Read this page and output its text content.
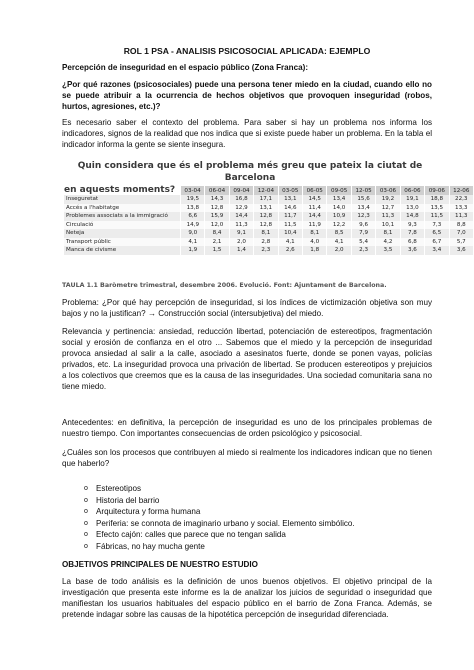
ROL 1 PSA - ANALISIS PSICOSOCIAL APLICADA: EJEMPLO

Percepción de inseguridad en el espacio público (Zona Franca):

¿Por qué razones (psicosociales) puede una persona tener miedo en la ciudad, cuando ello no se puede atribuir a la ocurrencia de hechos objetivos que provoquen inseguridad (robos, hurtos, agresiones, etc.)?

Es necesario saber el contexto del problema. Para saber si hay un problema nos informa los indicadores, signos de la realidad que nos indica que si existe puede haber un problema. En la tabla el indicador informa la gente se siente insegura.

Quin considera que és el problema més greu que pateix la ciutat de Barcelona
en aquests moments?
		03-04	06-04	09-04	12-04	03-05	06-05	09-05	12-05	03-06	06-06	09-06	12-06
Inseguretat	19,5	14,3	16,8	17,1	13,1	14,5	13,4	15,6	19,2	19,1	18,8	22,3
Accés a l'habitatge	13,8	12,8	12,9	13,1	14,6	11,4	14,0	13,4	12,7	13,0	13,5	13,3
Problemes associats a la immigració	6,6	15,9	14,4	12,8	11,7	14,4	10,9	12,3	11,3	14,8	11,5	11,3
Circulació	14,9	12,0	11,3	12,8	11,5	11,9	12,2	9,6	10,1	9,3	7,3	8,8
Neteja	9,0	8,4	9,1	8,1	10,4	8,1	8,5	7,9	8,1	7,8	6,5	7,0
Transport públic	4,1	2,1	2,0	2,8	4,1	4,0	4,1	5,4	4,2	6,8	6,7	5,7
Manca de civisme	1,9	1,5	1,4	2,3	2,6	1,8	2,0	2,3	3,5	3,6	3,4	3,6
TAULA 1.1 Baròmetre trimestral, desembre 2006. Evolució. Font: Ajuntament de Barcelona.

Problema: ¿Por qué hay percepción de inseguridad, si los índices de victimización objetiva son muy bajos y no la justifican? → Construcción social (intersubjetiva) del miedo.

Relevancia y pertinencia: ansiedad, reducción libertad, potenciación de estereotipos, fragmentación social y erosión de confianza en el otro ... Sabemos que el miedo y la percepción de inseguridad provoca ansiedad al salir a la calle, asociado a asesinatos fuerte, donde se ponen vayas, policías privados, etc. La inseguridad provoca una privación de libertad. Se producen estereotipos y prejuicios a los colectivos que creemos que es la causa de las inseguridades. Una sociedad comunitaria sana no tiene miedo.

Antecedentes: en definitiva, la percepción de inseguridad es uno de los principales problemas de nuestro tiempo. Con importantes consecuencias de orden psicológico y psicosocial.

¿Cuáles son los procesos que contribuyen al miedo si realmente los indicadores indican que no tienen que haberlo?

o Estereotipos
o Historia del barrio
o Arquitectura y forma humana
o Periferia: se connota de imaginario urbano y social. Elemento simbólico.
o Efecto cajón: calles que parece que no tengan salida
o Fábricas, no hay mucha gente

OBJETIVOS PRINCIPALES DE NUESTRO ESTUDIO

La base de todo análisis es la definición de unos buenos objetivos. El objetivo principal de la investigación que presenta este informe es la de analizar los juicios de seguridad o inseguridad que manifiestan los usuarios habituales del espacio público en el barrio de Zona Franca. Además, se pretende indagar sobre las causas de la hipotética percepción de inseguridad diferenciada.
